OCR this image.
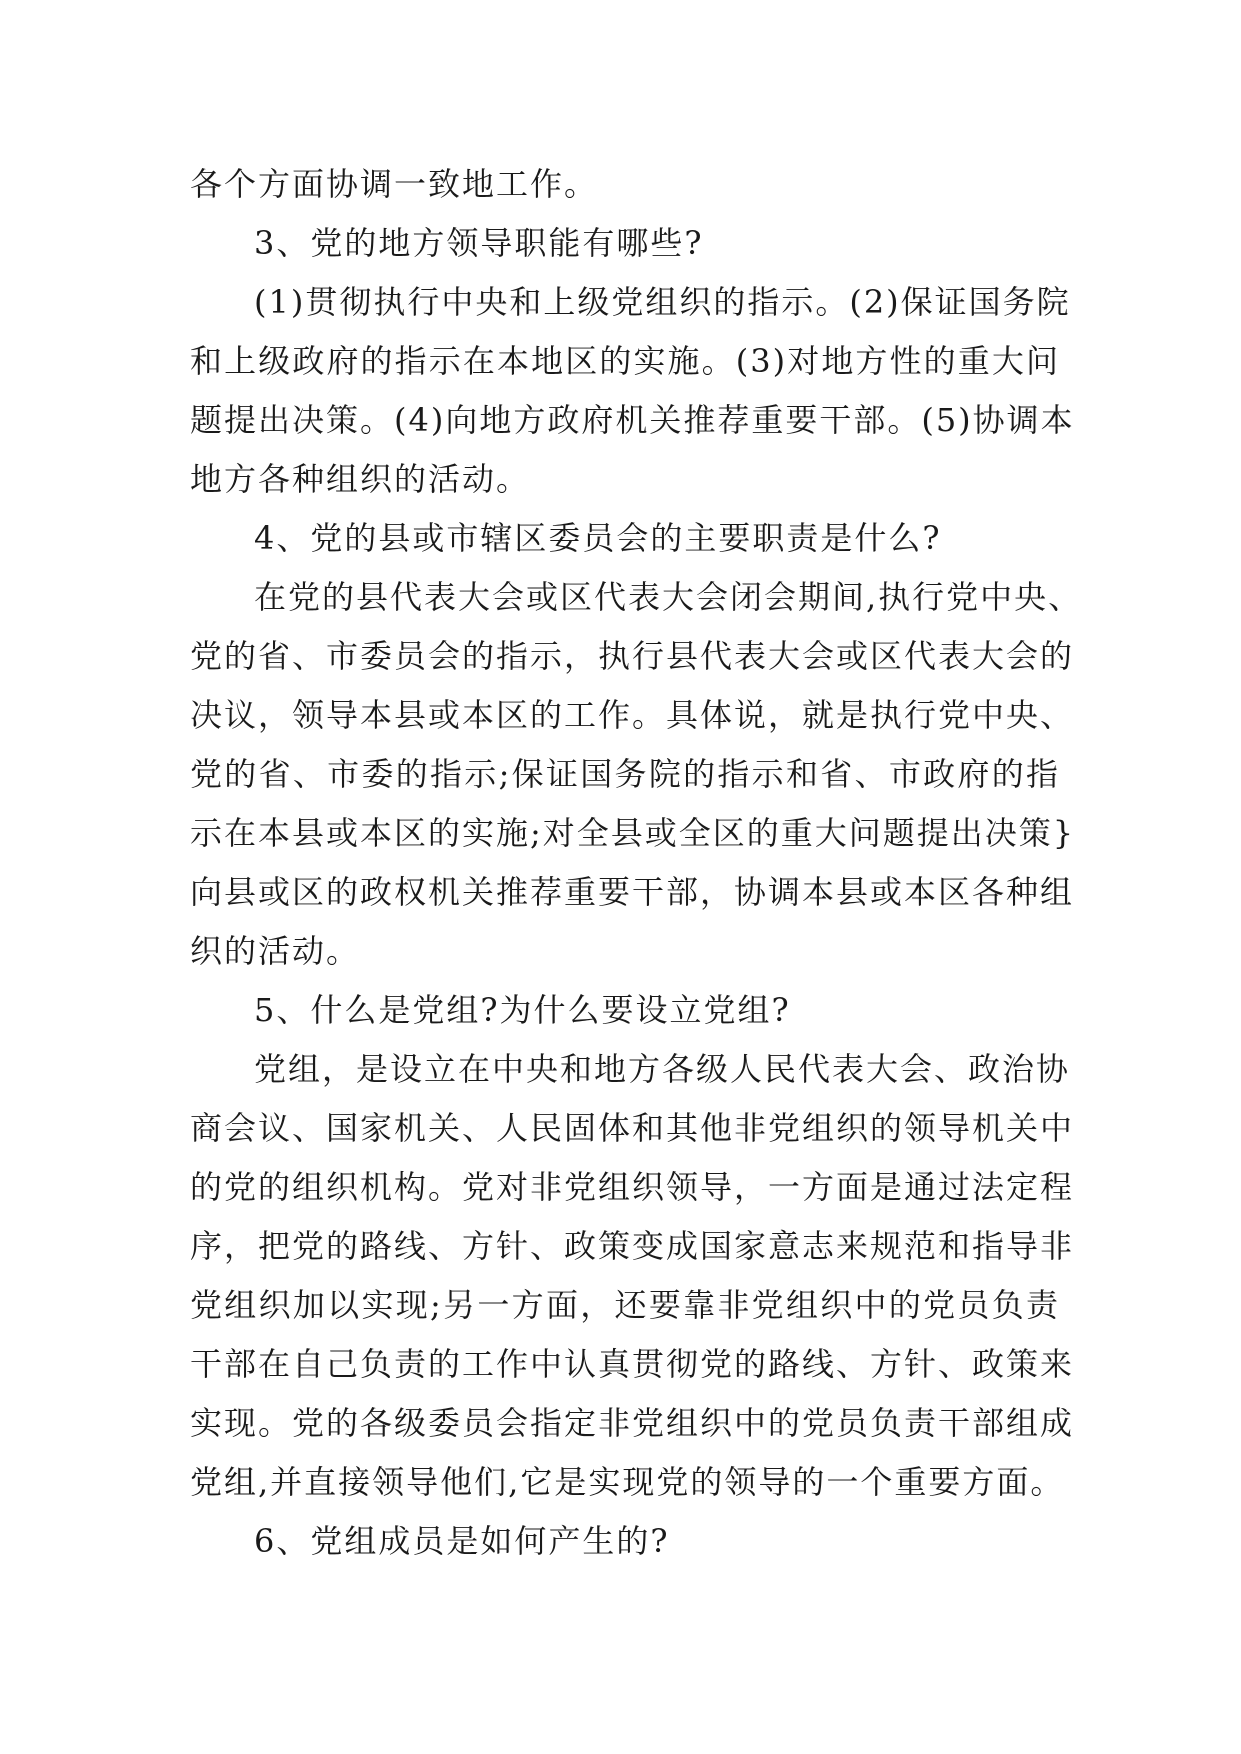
各个方面协调一致地工作。
3、党的地方领导职能有哪些?
(1)贯彻执行中央和上级党组织的指示。(2)保证国务院
和上级政府的指示在本地区的实施。(3)对地方性的重大问
题提出决策。(4)向地方政府机关推荐重要干部。(5)协调本
地方各种组织的活动。
4、党的县或市辖区委员会的主要职责是什么?
在党的县代表大会或区代表大会闭会期间,执行党中央、
党的省、市委员会的指示，执行县代表大会或区代表大会的
决议，领导本县或本区的工作。具体说，就是执行党中央、
党的省、市委的指示;保证国务院的指示和省、市政府的指
示在本县或本区的实施;对全县或全区的重大问题提出决策}
向县或区的政权机关推荐重要干部，协调本县或本区各种组
织的活动。
5、什么是党组?为什么要设立党组?
党组，是设立在中央和地方各级人民代表大会、政治协
商会议、国家机关、人民固体和其他非党组织的领导机关中
的党的组织机构。党对非党组织领导，一方面是通过法定程
序，把党的路线、方针、政策变成国家意志来规范和指导非
党组织加以实现;另一方面，还要靠非党组织中的党员负责
干部在自己负责的工作中认真贯彻党的路线、方针、政策来
实现。党的各级委员会指定非党组织中的党员负责干部组成
党组,并直接领导他们,它是实现党的领导的一个重要方面。
6、党组成员是如何产生的?
